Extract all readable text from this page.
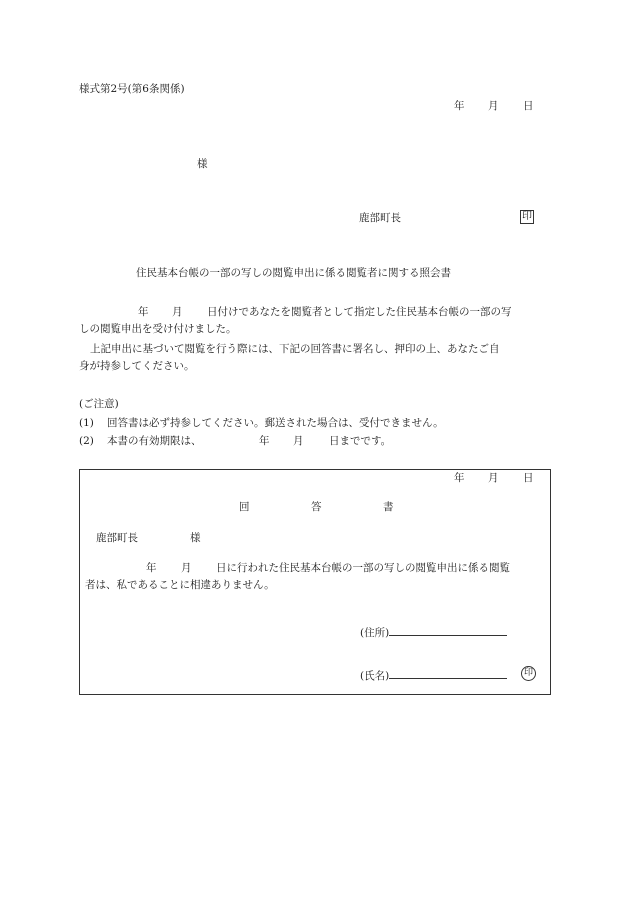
様式第2号(第6条関係)
年 月 日
様
鹿部町長	印
住民基本台帳の一部の写しの閲覧申出に係る閲覧者に関する照会書
年 月 日付けであなたを閲覧者として指定した住民基本台帳の一部の写
しの閲覧申出を受け付けました。
上記申出に基づいて閲覧を行う際には、下記の回答書に署名し、押印の上、あなたご自
身が持参してください。
(ご注意)
(1) 回答書は必ず持参してください。郵送された場合は、受付できません。
(2) 本書の有効期限は、	年 月 日までです。
年 月 日
回	答	書
鹿部町長	様
年 月 日に行われた住民基本台帳の一部の写しの閲覧申出に係る閲覧
者は、私であることに相違ありません。
(住所)
(氏名)	印
